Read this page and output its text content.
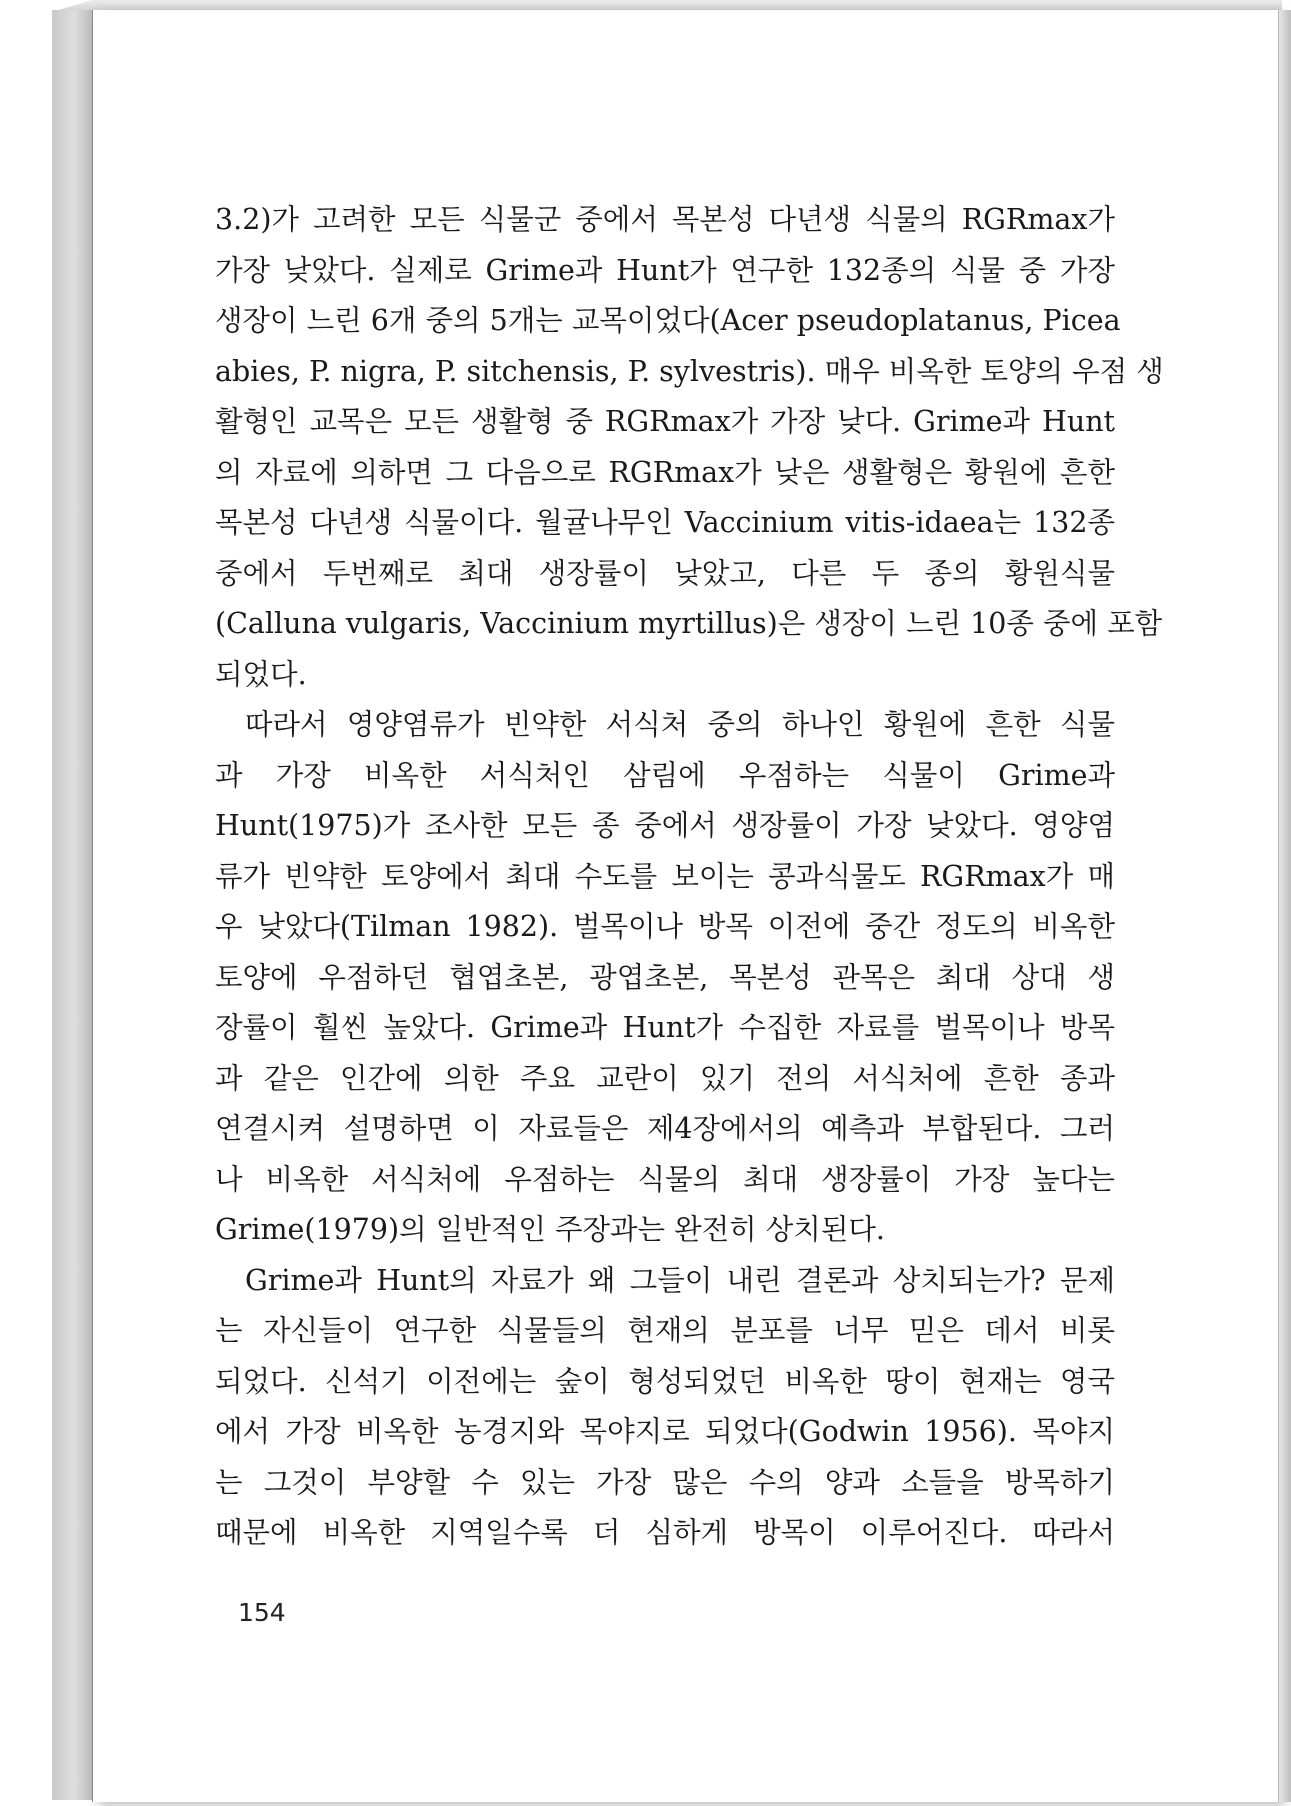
3.2)가 고려한 모든 식물군 중에서 목본성 다년생 식물의 RGRmax가
가장 낮았다. 실제로 Grime과 Hunt가 연구한 132종의 식물 중 가장
생장이 느린 6개 중의 5개는 교목이었다(Acer pseudoplatanus, Picea
abies, P. nigra, P. sitchensis, P. sylvestris). 매우 비옥한 토양의 우점 생
활형인 교목은 모든 생활형 중 RGRmax가 가장 낮다. Grime과 Hunt
의 자료에 의하면 그 다음으로 RGRmax가 낮은 생활형은 황원에 흔한
목본성 다년생 식물이다. 월귤나무인 Vaccinium vitis-idaea는 132종
중에서 두번째로 최대 생장률이 낮았고, 다른 두 종의 황원식물
(Calluna vulgaris, Vaccinium myrtillus)은 생장이 느린 10종 중에 포함
되었다.
따라서 영양염류가 빈약한 서식처 중의 하나인 황원에 흔한 식물
과 가장 비옥한 서식처인 삼림에 우점하는 식물이 Grime과
Hunt(1975)가 조사한 모든 종 중에서 생장률이 가장 낮았다. 영양염
류가 빈약한 토양에서 최대 수도를 보이는 콩과식물도 RGRmax가 매
우 낮았다(Tilman 1982). 벌목이나 방목 이전에 중간 정도의 비옥한
토양에 우점하던 협엽초본, 광엽초본, 목본성 관목은 최대 상대 생
장률이 훨씬 높았다. Grime과 Hunt가 수집한 자료를 벌목이나 방목
과 같은 인간에 의한 주요 교란이 있기 전의 서식처에 흔한 종과
연결시켜 설명하면 이 자료들은 제4장에서의 예측과 부합된다. 그러
나 비옥한 서식처에 우점하는 식물의 최대 생장률이 가장 높다는
Grime(1979)의 일반적인 주장과는 완전히 상치된다.
Grime과 Hunt의 자료가 왜 그들이 내린 결론과 상치되는가? 문제
는 자신들이 연구한 식물들의 현재의 분포를 너무 믿은 데서 비롯
되었다. 신석기 이전에는 숲이 형성되었던 비옥한 땅이 현재는 영국
에서 가장 비옥한 농경지와 목야지로 되었다(Godwin 1956). 목야지
는 그것이 부양할 수 있는 가장 많은 수의 양과 소들을 방목하기
때문에 비옥한 지역일수록 더 심하게 방목이 이루어진다. 따라서
154
